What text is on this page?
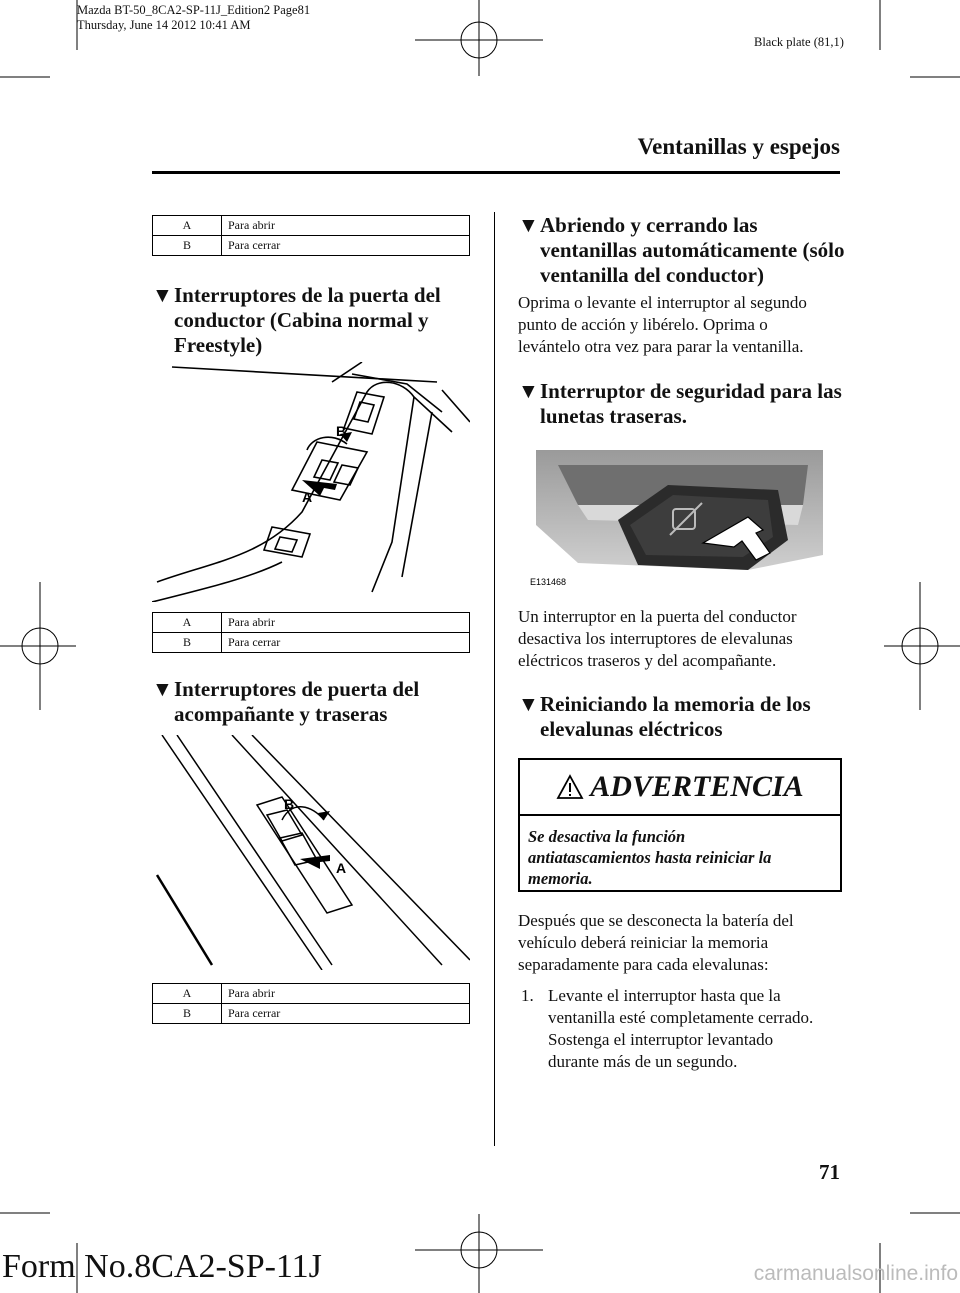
Mazda BT-50_8CA2-SP-11J_Edition2 Page81
Thursday, June 14 2012 10:41 AM
Black plate (81,1)
Ventanillas y espejos
A	Para abrir
B	Para cerrar
▼Interruptores de la puerta del
conductor (Cabina normal y
Freestyle)
B
A
A	Para abrir
B	Para cerrar
▼Interruptores de puerta del
acompañante y traseras
B
A
A	Para abrir
B	Para cerrar
▼Abriendo y cerrando las
ventanillas automáticamente (sólo
ventanilla del conductor)
Oprima o levante el interruptor al segundo
punto de acción y libérelo. Oprima o
levántelo otra vez para parar la ventanilla.
▼Interruptor de seguridad para las
lunetas traseras.
E131468
Un interruptor en la puerta del conductor
desactiva los interruptores de elevalunas
eléctricos traseros y del acompañante.
▼Reiniciando la memoria de los
elevalunas eléctricos
ADVERTENCIA
Se desactiva la función
antiatascamientos hasta reiniciar la
memoria.
Después que se desconecta la batería del
vehículo deberá reiniciar la memoria
separadamente para cada elevalunas:
1. Levante el interruptor hasta que la
ventanilla esté completamente cerrado.
Sostenga el interruptor levantado
durante más de un segundo.
71
Form No.8CA2-SP-11J	carmanualsonline.info
